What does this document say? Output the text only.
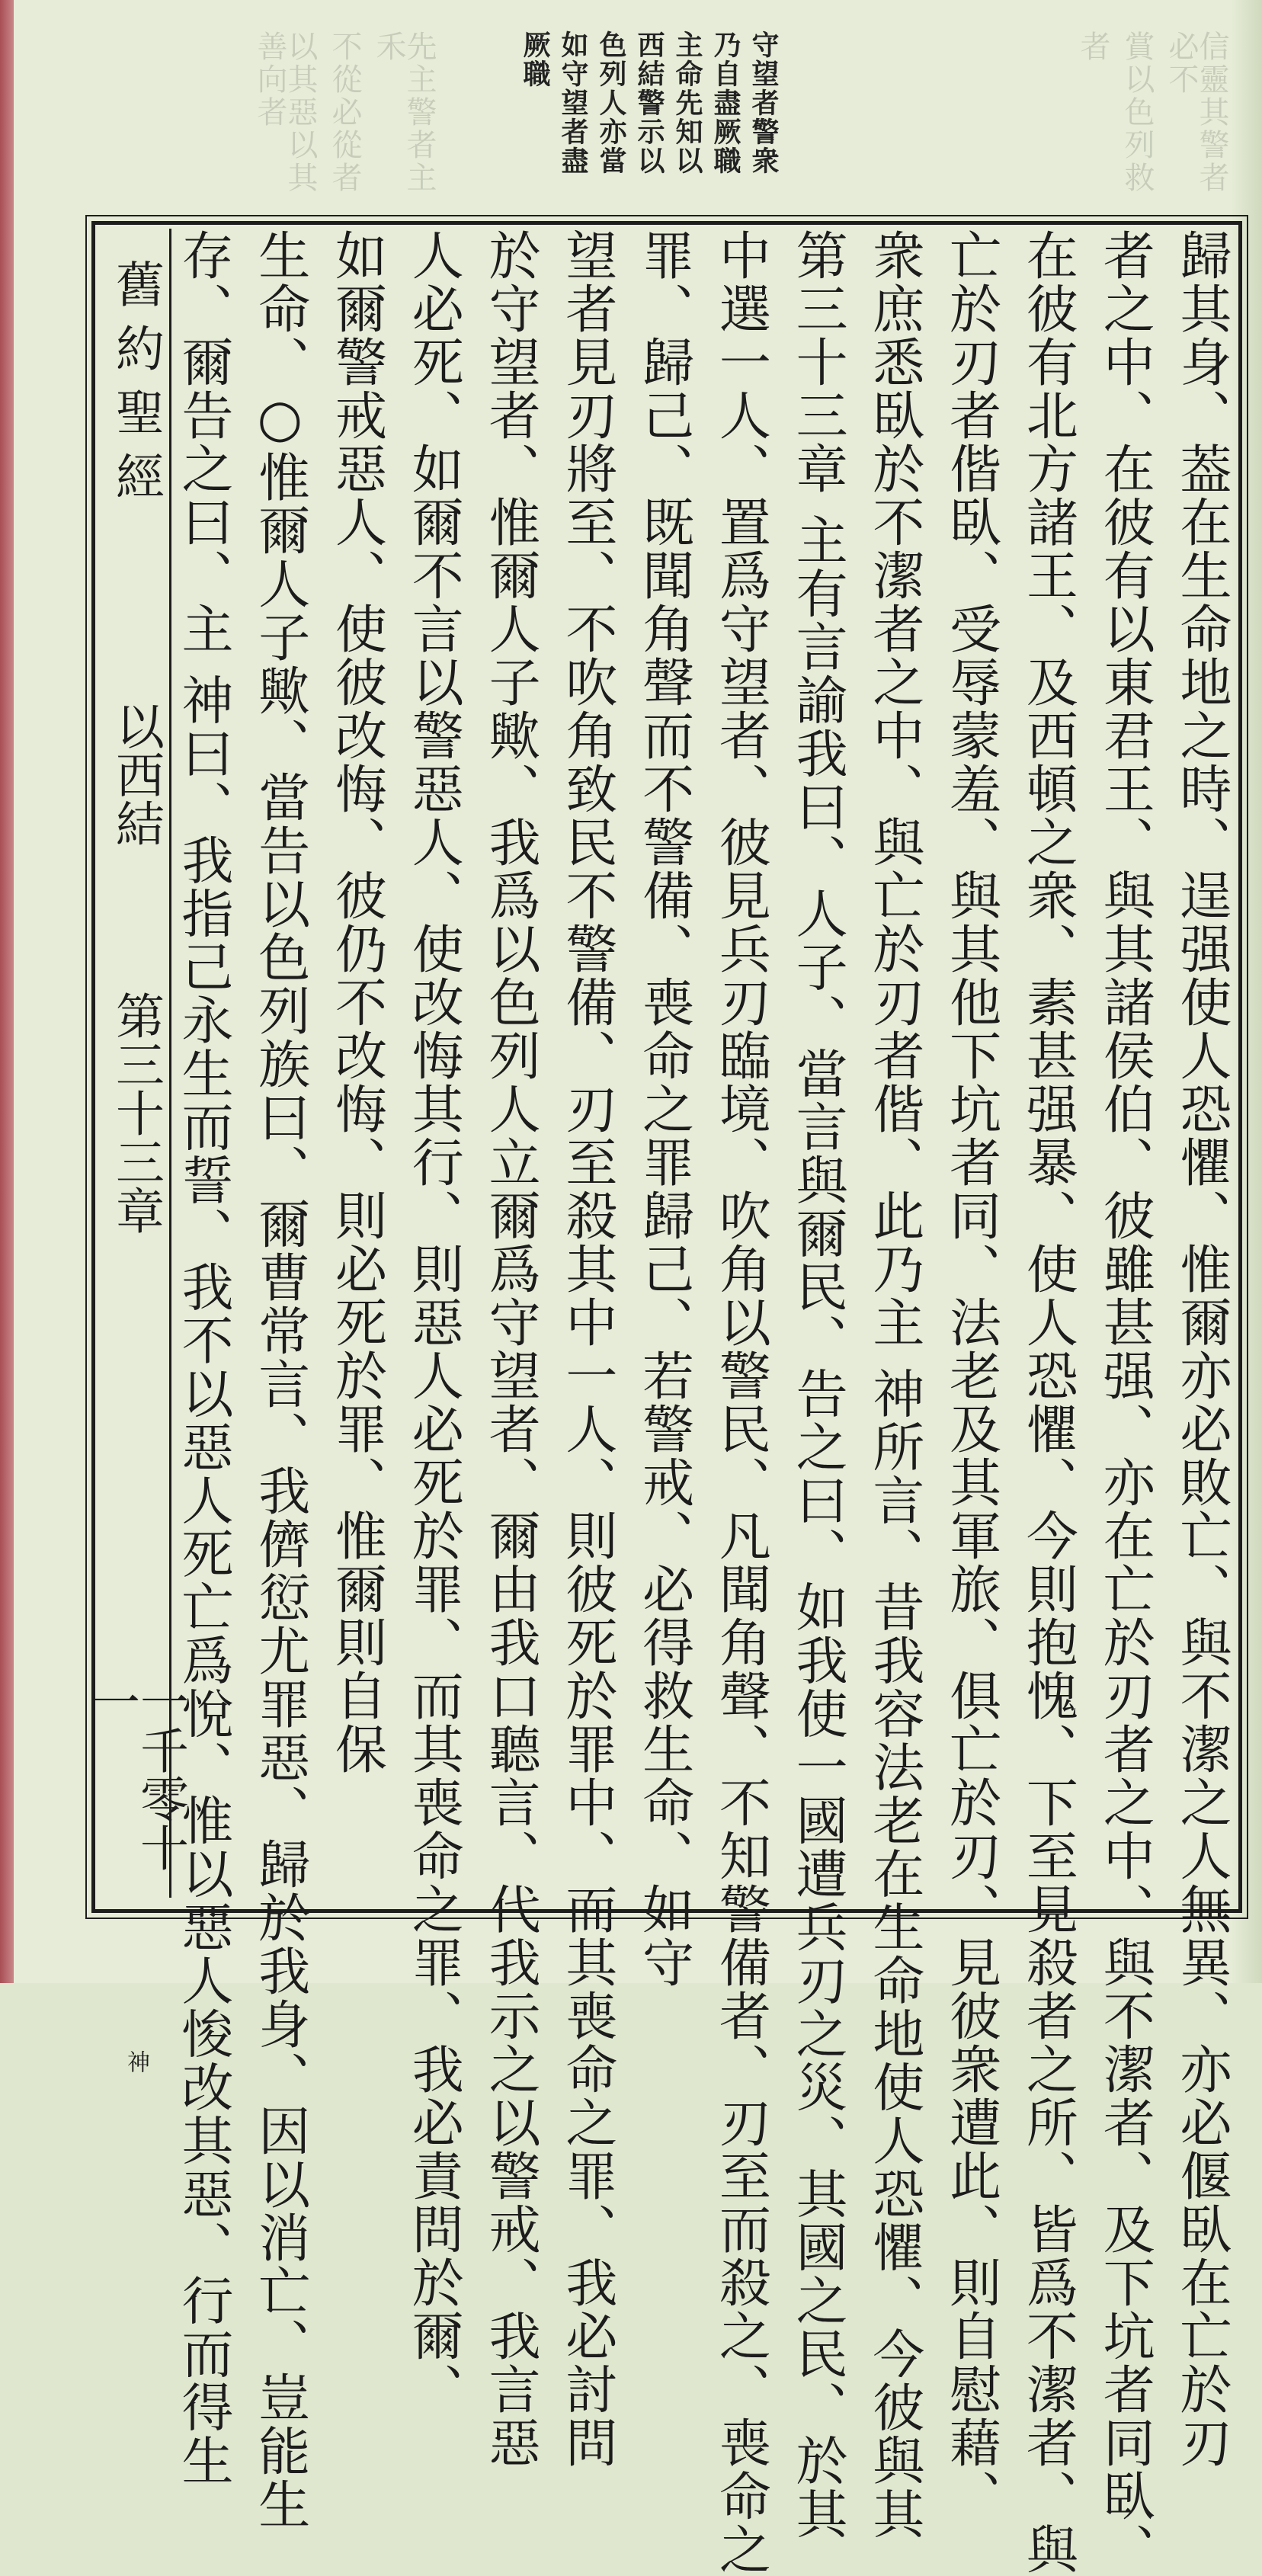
信靈其警者必不
賞以色列救
者
先主警者主禾
不從必從者
以其惡以其善向者	守望者警衆
乃自盡厥職
主命先知以
西結警示以
色列人亦當
如守望者盡
厥職
歸其身、葢在生命地之時、逞强使人恐懼、惟爾亦必敗亡、與不潔之人無異、亦必偃臥在亡於刃
者之中、在彼有以東君王、與其諸侯伯、彼雖甚强、亦在亡於刃者之中、與不潔者、及下坑者同臥、
在彼有北方諸王、及西頓之衆、素甚强暴、使人恐懼、今則抱愧、下至見殺者之所、皆爲不潔者、與
亡於刃者偕臥、受辱蒙羞、與其他下坑者同、法老及其軍旅、俱亡於刃、見彼衆遭此、則自慰藉、
衆庶悉臥於不潔者之中、與亡於刃者偕、此乃主 神所言、昔我容法老在生命地使人恐懼、今彼與其
第三十三章 主有言諭我曰、人子、當言與爾民、告之曰、如我使一國遭兵刃之災、其國之民、於其
中選一人、置爲守望者、彼見兵刃臨境、吹角以警民、凡聞角聲、不知警備者、刃至而殺之、喪命之
罪、歸己、既聞角聲而不警備、喪命之罪歸己、若警戒、必得救生命、如守
望者見刃將至、不吹角致民不警備、刃至殺其中一人、則彼死於罪中、而其喪命之罪、我必討問
於守望者、惟爾人子歟、我爲以色列人立爾爲守望者、爾由我口聽言、代我示之以警戒、我言惡
人必死、如爾不言以警惡人、使改悔其行、則惡人必死於罪、而其喪命之罪、我必責問於爾、
如爾警戒惡人、使彼改悔、彼仍不改悔、則必死於罪、惟爾則自保
生命、○惟爾人子歟、當告以色列族曰、爾曹常言、我儕愆尤罪惡、歸於我身、因以消亡、豈能生
存、爾告之曰、主 神曰、我指己永生而誓、我不以惡人死亡爲悅、惟以惡人悛改其惡、行而得生
舊約聖經
以西結
第三十三章
一千零十一
神
